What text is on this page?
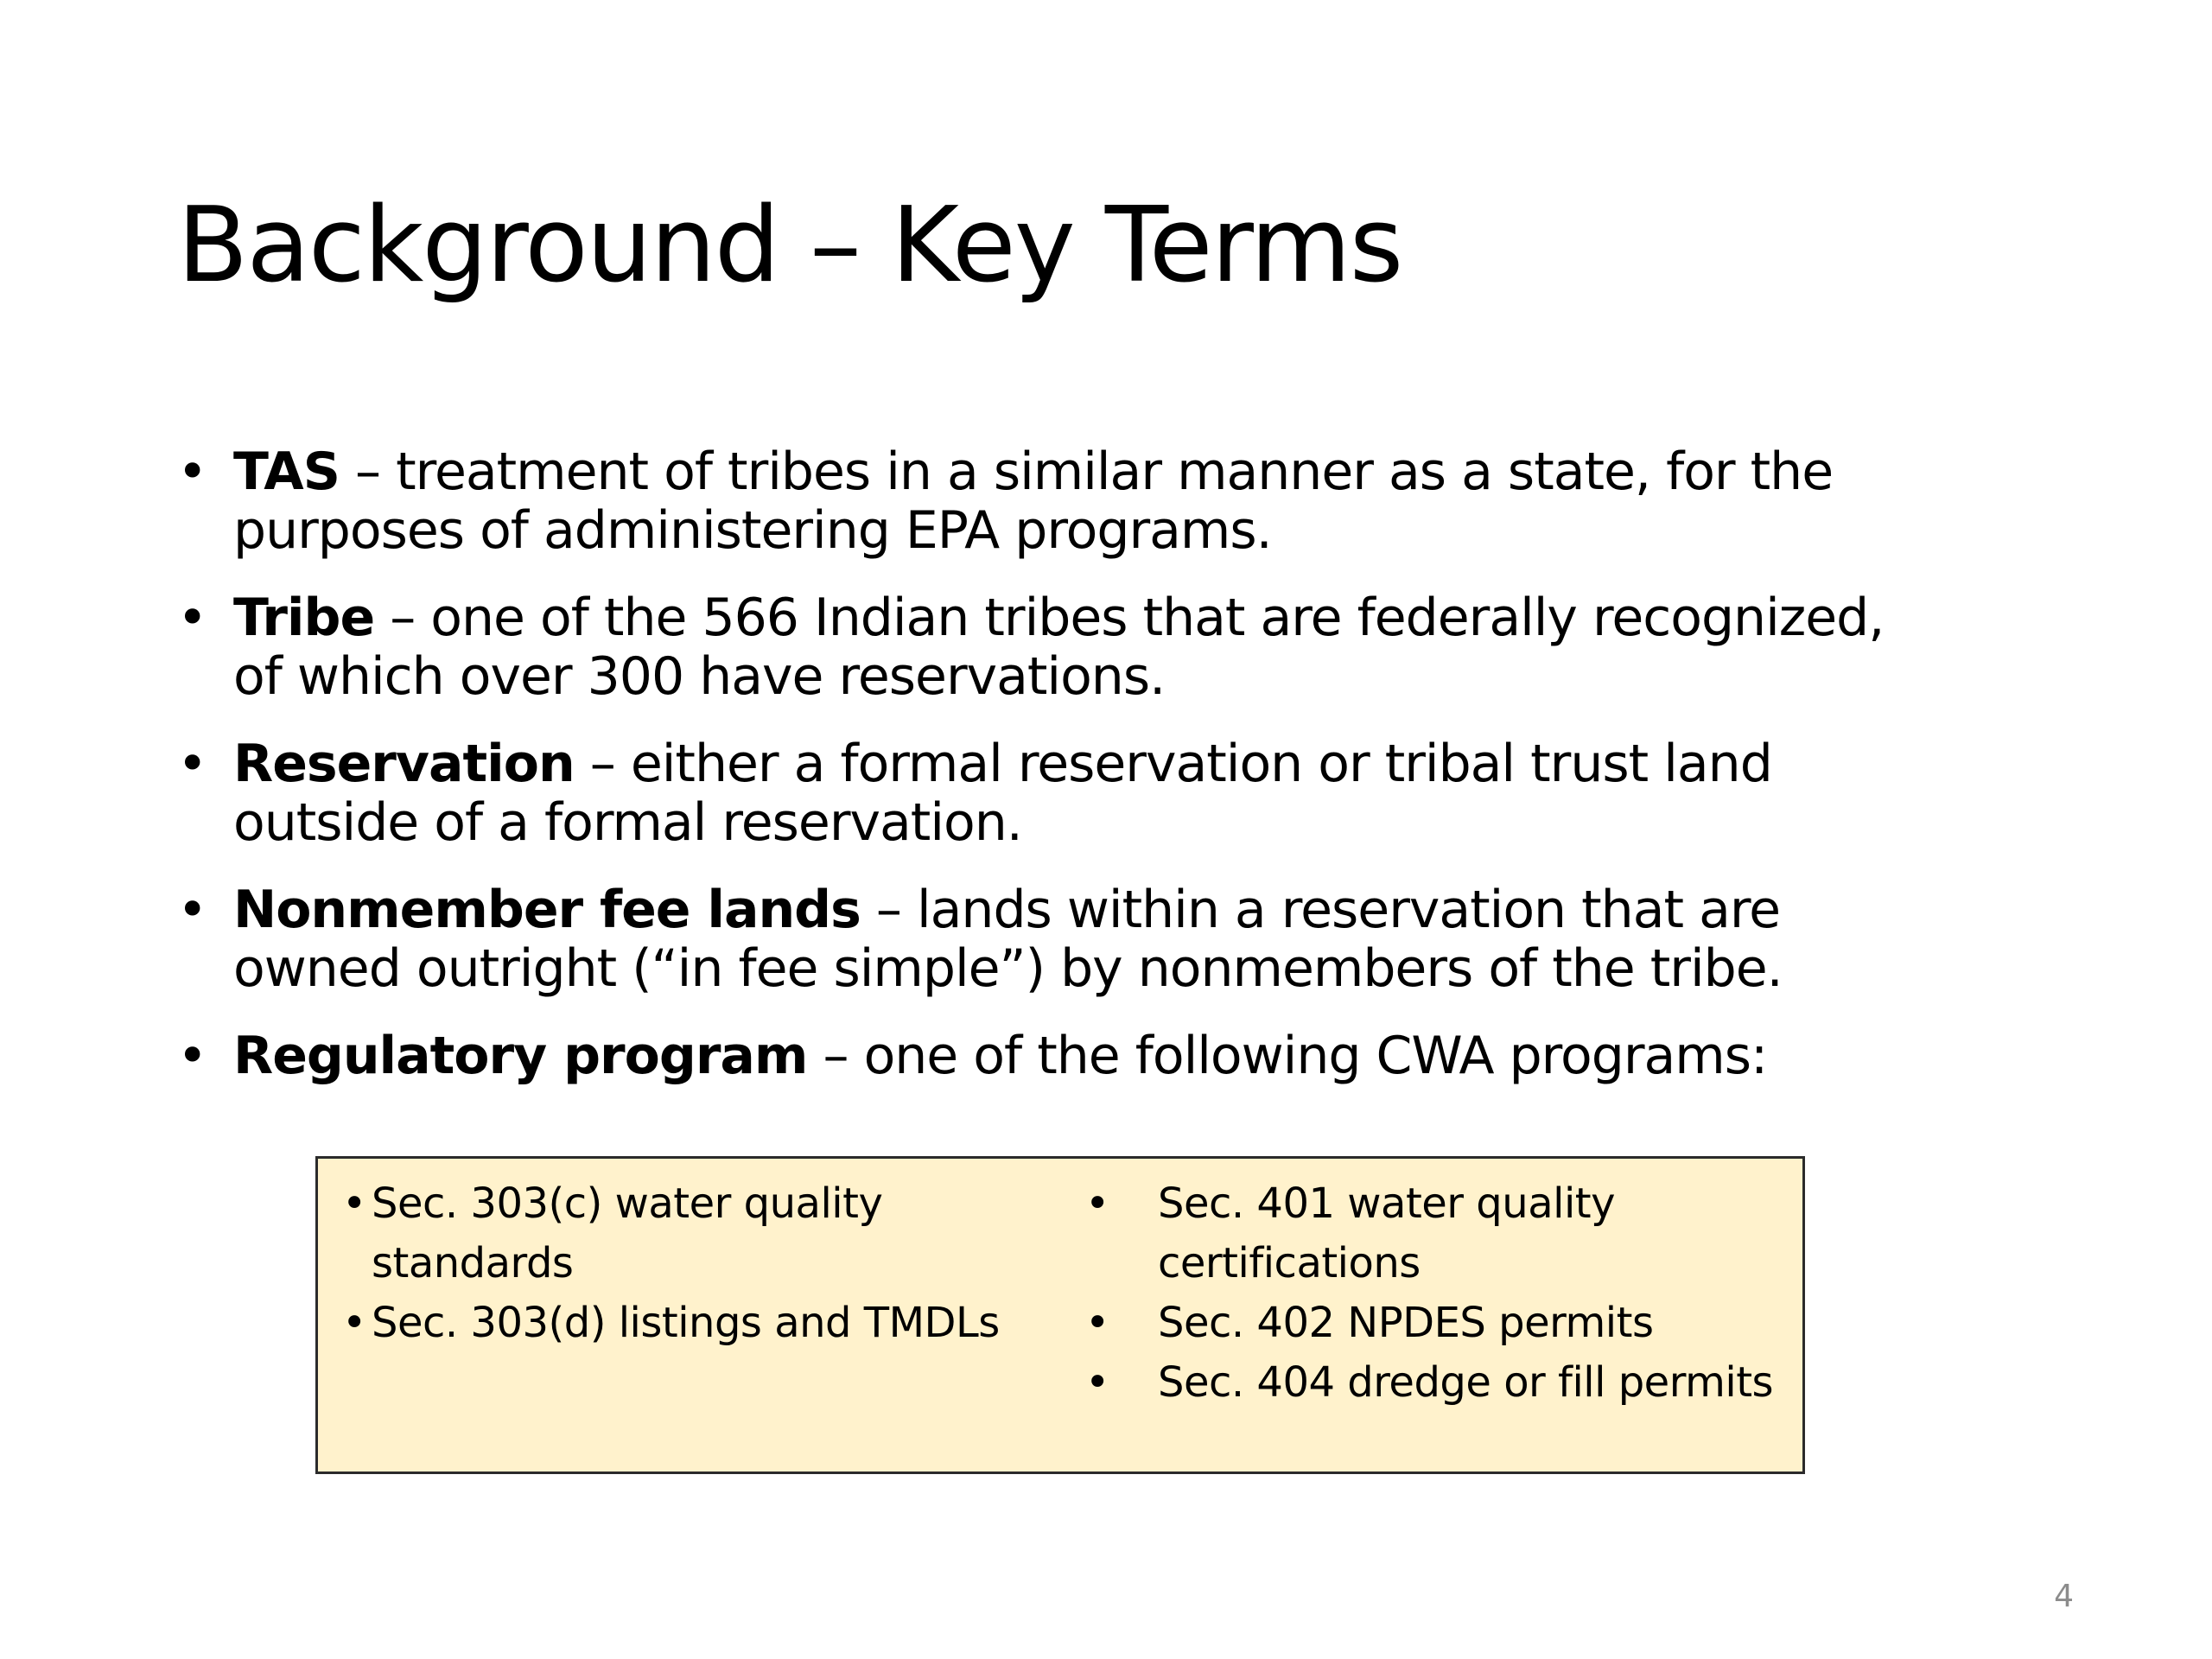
Background – Key Terms
• TAS – treatment of tribes in a similar manner as a state, for the
purposes of administering EPA programs.
• Tribe – one of the 566 Indian tribes that are federally recognized,
of which over 300 have reservations.
• Reservation – either a formal reservation or tribal trust land
outside of a formal reservation.
• Nonmember fee lands – lands within a reservation that are
owned outright (“in fee simple”) by nonmembers of the tribe.
• Regulatory program – one of the following CWA programs:
• Sec. 303(c) water quality
standards
• Sec. 303(d) listings and TMDLs
• Sec. 401 water quality
certifications
• Sec. 402 NPDES permits
• Sec. 404 dredge or fill permits
4
